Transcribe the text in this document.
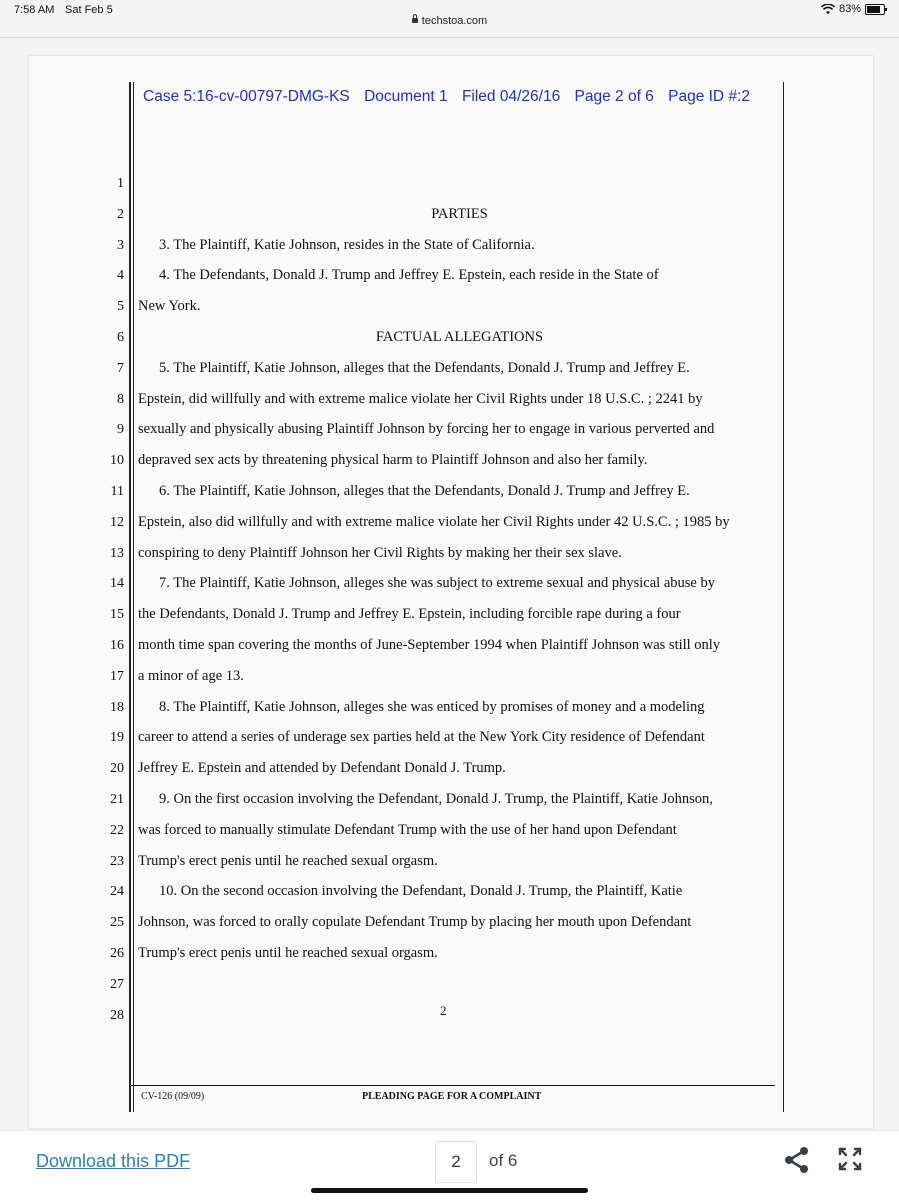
7:58 AM Sat Feb 5	83%
techstoa.com
Case 5:16-cv-00797-DMG-KS Document 1 Filed 04/26/16 Page 2 of 6 Page ID #:2
1
2	PARTIES
3 3. The Plaintiff, Katie Johnson, resides in the State of California.
4 4. The Defendants, Donald J. Trump and Jeffrey E. Epstein, each reside in the State of
5 New York.
6	FACTUAL ALLEGATIONS
7 5. The Plaintiff, Katie Johnson, alleges that the Defendants, Donald J. Trump and Jeffrey E.
8 Epstein, did willfully and with extreme malice violate her Civil Rights under 18 U.S.C. ; 2241 by
9 sexually and physically abusing Plaintiff Johnson by forcing her to engage in various perverted and
10 depraved sex acts by threatening physical harm to Plaintiff Johnson and also her family.
11 6. The Plaintiff, Katie Johnson, alleges that the Defendants, Donald J. Trump and Jeffrey E.
12 Epstein, also did willfully and with extreme malice violate her Civil Rights under 42 U.S.C. ; 1985 by
13 conspiring to deny Plaintiff Johnson her Civil Rights by making her their sex slave.
14 7. The Plaintiff, Katie Johnson, alleges she was subject to extreme sexual and physical abuse by
15 the Defendants, Donald J. Trump and Jeffrey E. Epstein, including forcible rape during a four
16 month time span covering the months of June-September 1994 when Plaintiff Johnson was still only
17 a minor of age 13.
18 8. The Plaintiff, Katie Johnson, alleges she was enticed by promises of money and a modeling
19 career to attend a series of underage sex parties held at the New York City residence of Defendant
20 Jeffrey E. Epstein and attended by Defendant Donald J. Trump.
21 9. On the first occasion involving the Defendant, Donald J. Trump, the Plaintiff, Katie Johnson,
22 was forced to manually stimulate Defendant Trump with the use of her hand upon Defendant
23 Trump's erect penis until he reached sexual orgasm.
24 10. On the second occasion involving the Defendant, Donald J. Trump, the Plaintiff, Katie
25 Johnson, was forced to orally copulate Defendant Trump by placing her mouth upon Defendant
26 Trump's erect penis until he reached sexual orgasm.
27
28	2
CV-126 (09/09)	PLEADING PAGE FOR A COMPLAINT
Download this PDF	2	of 6
